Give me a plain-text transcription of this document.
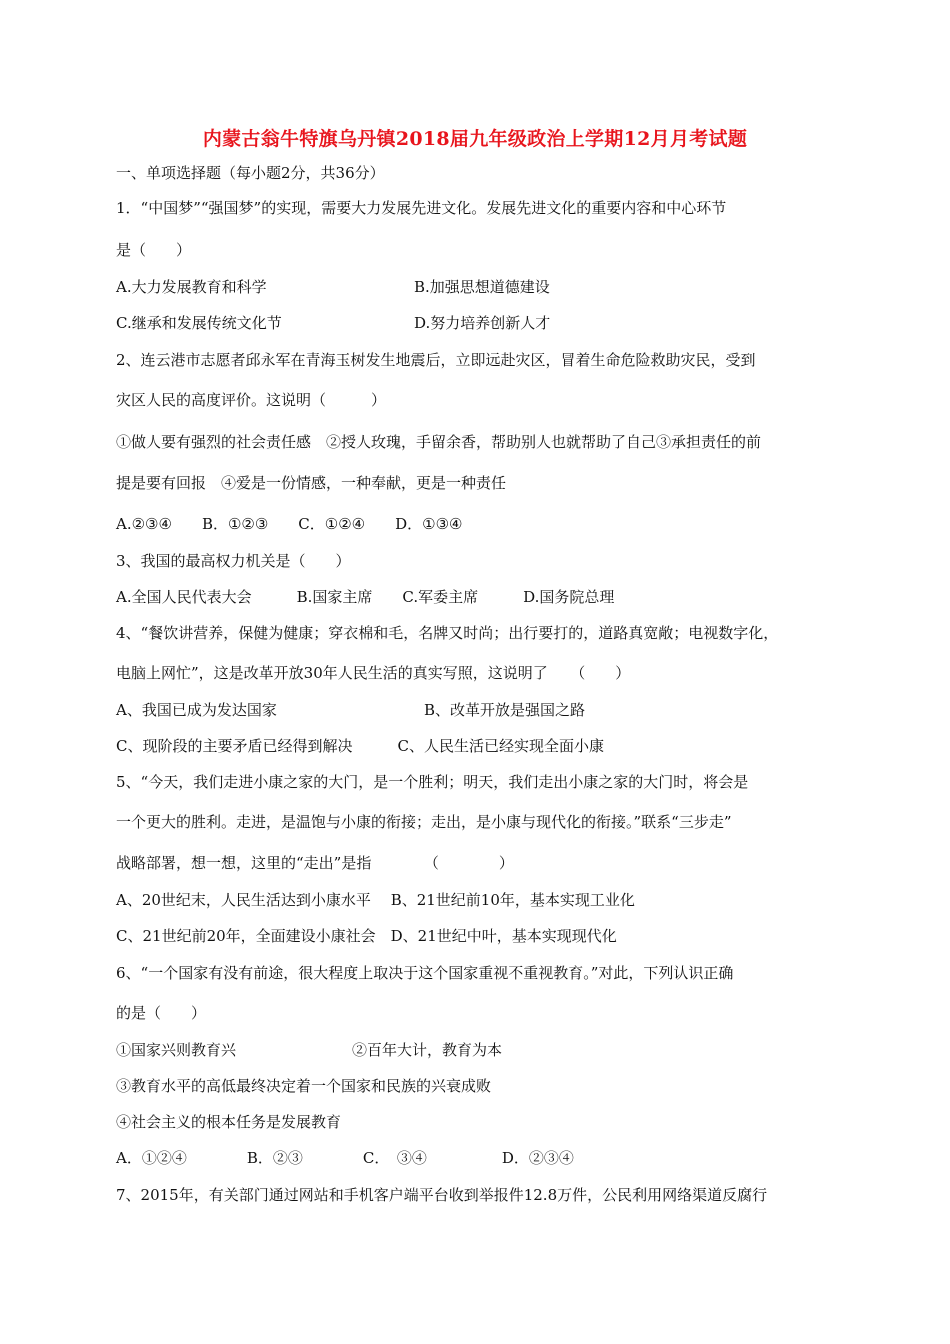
内蒙古翁牛特旗乌丹镇2018届九年级政治上学期12月月考试题
一、单项选择题（每小题2分，共36分）
1．“中国梦”“强国梦”的实现，需要大力发展先进文化。发展先进文化的重要内容和中心环节
是（　　）
A.大力发展教育和科学	B.加强思想道德建设
C.继承和发展传统文化节	D.努力培养创新人才
2、连云港市志愿者邱永军在青海玉树发生地震后，立即远赴灾区，冒着生命危险救助灾民，受到
灾区人民的高度评价。这说明（　　　）
①做人要有强烈的社会责任感　②授人玫瑰，手留余香，帮助别人也就帮助了自己③承担责任的前
提是要有回报　④爱是一份情感，一种奉献，更是一种责任
A.②③④　　B．①②③　　C．①②④　　D．①③④
3、我国的最高权力机关是（　　）
A.全国人民代表大会　　　B.国家主席　　C.军委主席　　　D.国务院总理
4、“餐饮讲营养，保健为健康；穿衣棉和毛，名牌又时尚；出行要打的，道路真宽敞；电视数字化，
电脑上网忙”，这是改革开放30年人民生活的真实写照，这说明了　　（　　）
A、我国已成为发达国家	B、改革开放是强国之路
C、现阶段的主要矛盾已经得到解决　　　C、人民生活已经实现全面小康
5、“今天，我们走进小康之家的大门，是一个胜利；明天，我们走出小康之家的大门时，将会是
一个更大的胜利。走进，是温饱与小康的衔接；走出，是小康与现代化的衔接。”联系“三步走”
战略部署，想一想，这里的“走出”是指　　　　（　　　　）
A、20世纪末，人民生活达到小康水平　 B、21世纪前10年，基本实现工业化
C、21世纪前20年，全面建设小康社会　D、21世纪中叶，基本实现现代化
6、“一个国家有没有前途，很大程度上取决于这个国家重视不重视教育。”对此，下列认识正确
的是（　　）
①国家兴则教育兴	②百年大计，教育为本
③教育水平的高低最终决定着一个国家和民族的兴衰成败
④社会主义的根本任务是发展教育
A．①②④　　　　B．②③　　　　C．　③④　　　　　D．②③④
7、2015年，有关部门通过网站和手机客户端平台收到举报件12.8万件，公民利用网络渠道反腐行
